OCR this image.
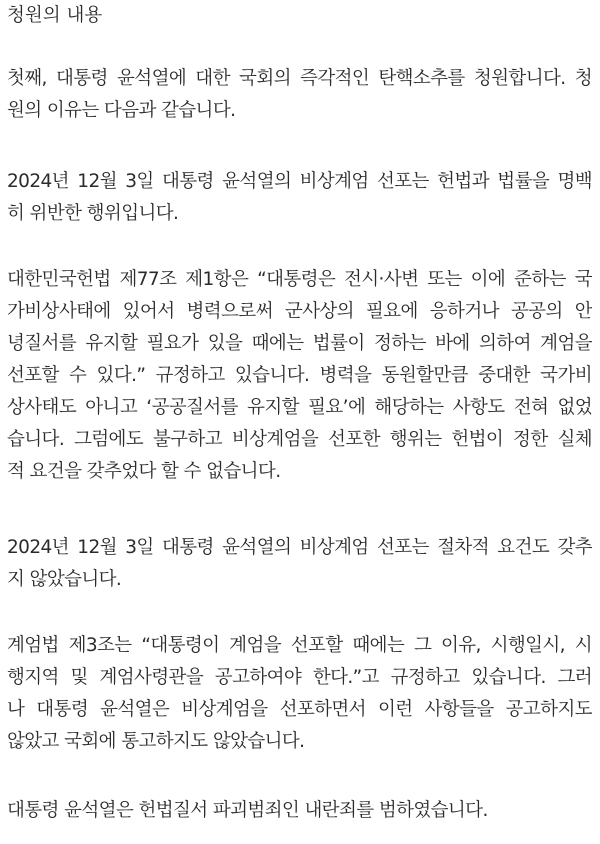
청원의 내용
첫째, 대통령 윤석열에 대한 국회의 즉각적인 탄핵소추를 청원합니다. 청
원의 이유는 다음과 같습니다.
2024년 12월 3일 대통령 윤석열의 비상계엄 선포는 헌법과 법률을 명백
히 위반한 행위입니다.
대한민국헌법 제77조 제1항은 “대통령은 전시·사변 또는 이에 준하는 국
가비상사태에 있어서 병력으로써 군사상의 필요에 응하거나 공공의 안
녕질서를 유지할 필요가 있을 때에는 법률이 정하는 바에 의하여 계엄을
선포할 수 있다.” 규정하고 있습니다. 병력을 동원할만큼 중대한 국가비
상사태도 아니고 ‘공공질서를 유지할 필요’에 해당하는 사항도 전혀 없었
습니다. 그럼에도 불구하고 비상계엄을 선포한 행위는 헌법이 정한 실체
적 요건을 갖추었다 할 수 없습니다.
2024년 12월 3일 대통령 윤석열의 비상계엄 선포는 절차적 요건도 갖추
지 않았습니다.
계엄법 제3조는 “대통령이 계엄을 선포할 때에는 그 이유, 시행일시, 시
행지역 및 계엄사령관을 공고하여야 한다.”고 규정하고 있습니다. 그러
나 대통령 윤석열은 비상계엄을 선포하면서 이런 사항들을 공고하지도
않았고 국회에 통고하지도 않았습니다.
대통령 윤석열은 헌법질서 파괴범죄인 내란죄를 범하였습니다.
